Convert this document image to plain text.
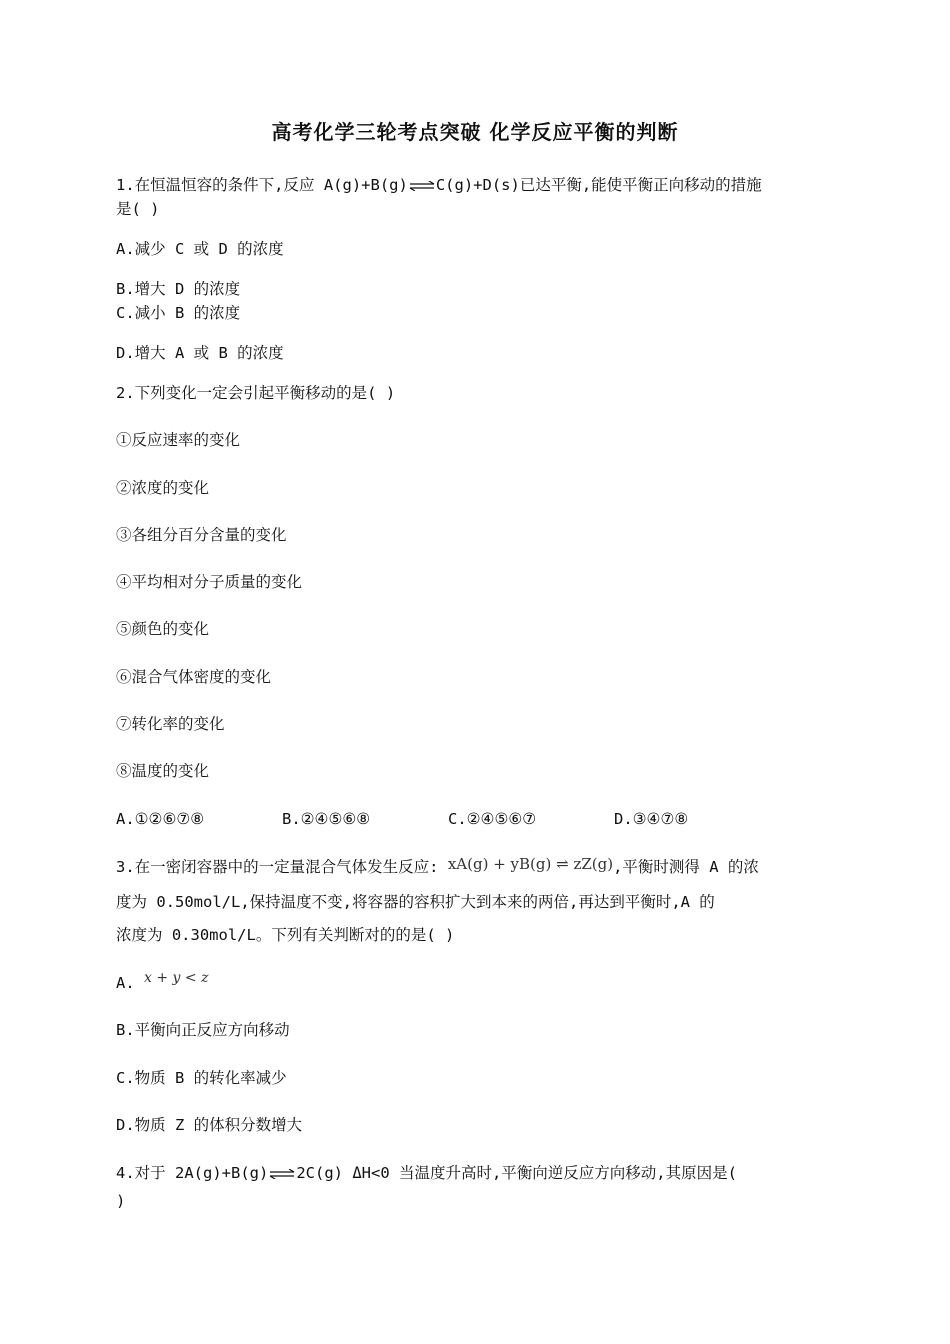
高考化学三轮考点突破 化学反应平衡的判断
1.在恒温恒容的条件下,反应 A(g)+B(g)⇌C(g)+D(s)已达平衡,能使平衡正向移动的措施
是( )
A.减少 C 或 D 的浓度
B.增大 D 的浓度
C.减小 B 的浓度
D.增大 A 或 B 的浓度
2.下列变化一定会引起平衡移动的是( )
①反应速率的变化
②浓度的变化
③各组分百分含量的变化
④平均相对分子质量的变化
⑤颜色的变化
⑥混合气体密度的变化
⑦转化率的变化
⑧温度的变化
A.①②⑥⑦⑧	B.②④⑤⑥⑧	C.②④⑤⑥⑦	D.③④⑦⑧
3.在一密闭容器中的一定量混合气体发生反应: xA(g) + yB(g) ⇌ zZ(g),平衡时测得 A 的浓
度为 0.50mol/L,保持温度不变,将容器的容积扩大到本来的两倍,再达到平衡时,A 的
浓度为 0.30mol/L。下列有关判断对的的是( )
A. x + y < z
B.平衡向正反应方向移动
C.物质 B 的转化率减少
D.物质 Z 的体积分数增大
4.对于 2A(g)+B(g)⇌2C(g) ΔH<0 当温度升高时,平衡向逆反应方向移动,其原因是(
)
